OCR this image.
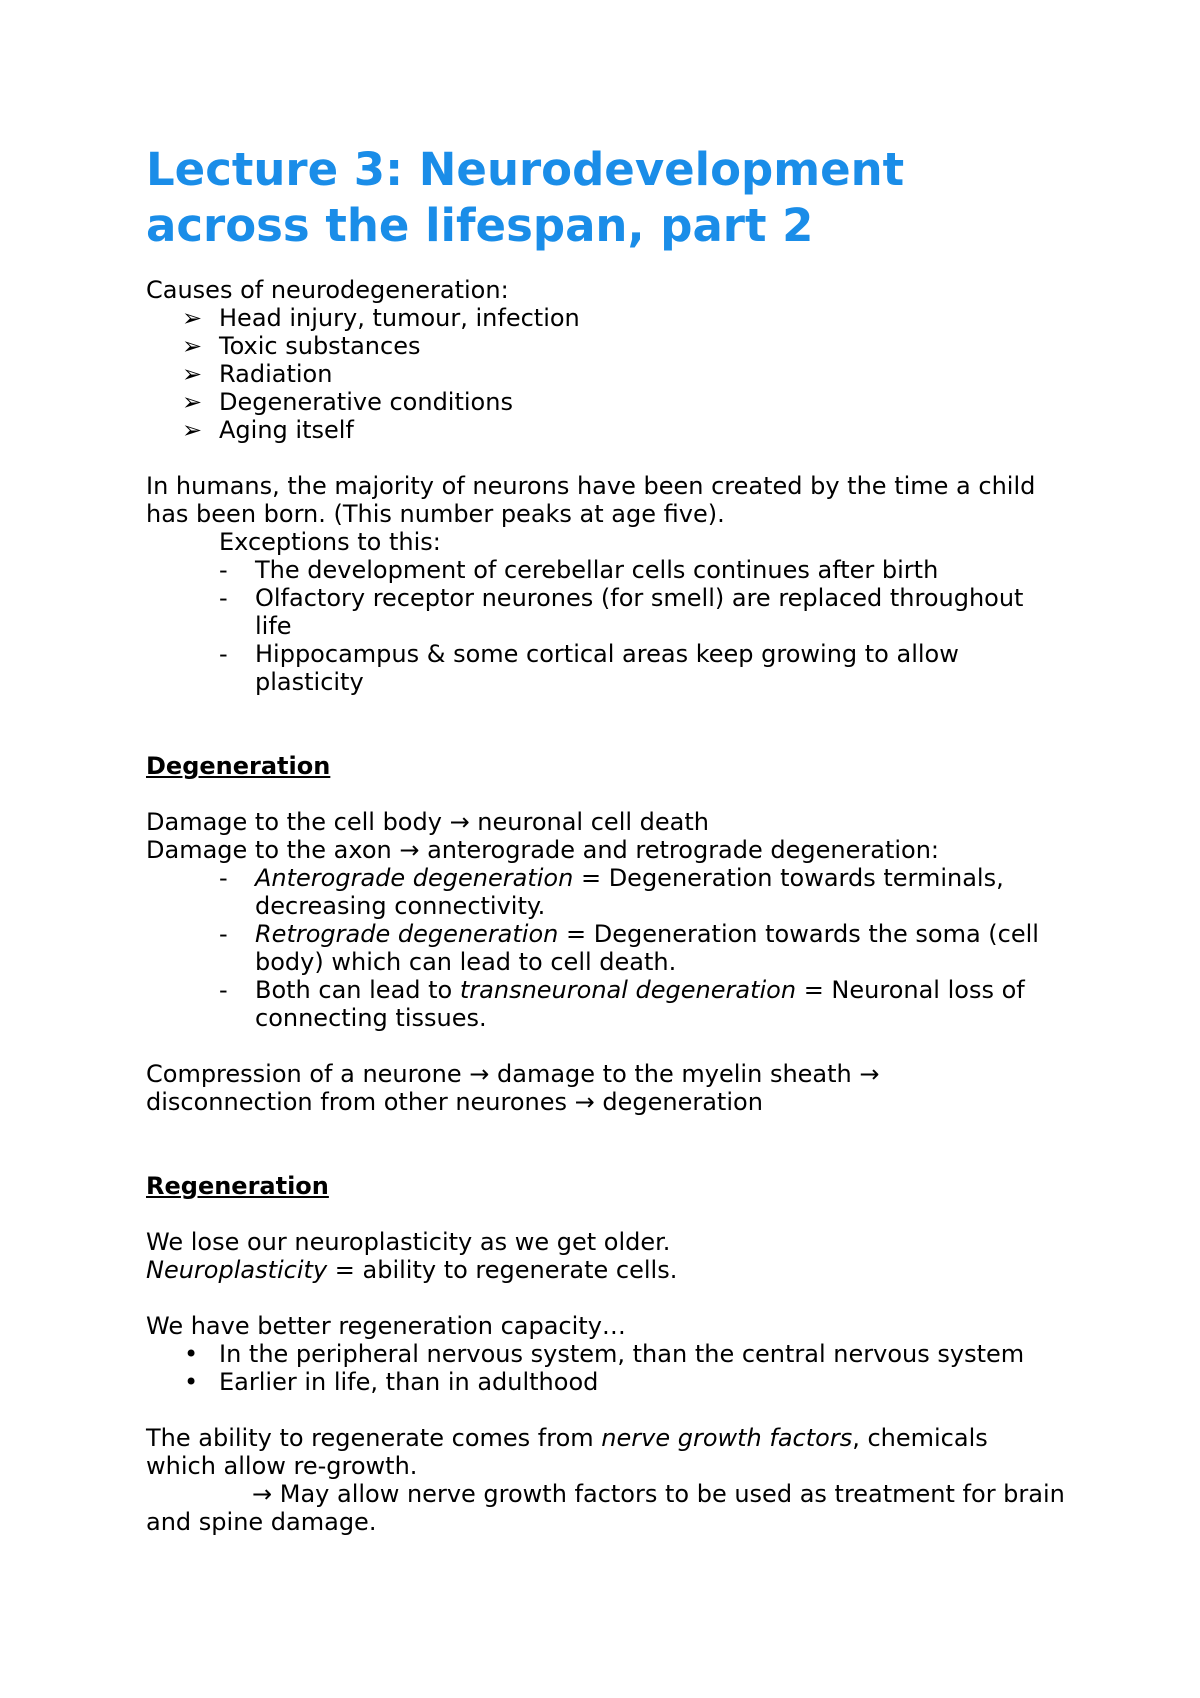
Lecture 3: Neurodevelopment
across the lifespan, part 2
Causes of neurodegeneration:
➢ Head injury, tumour, infection
➢ Toxic substances
➢ Radiation
➢ Degenerative conditions
➢ Aging itself
In humans, the majority of neurons have been created by the time a child
has been born. (This number peaks at age five).
Exceptions to this:
- The development of cerebellar cells continues after birth
- Olfactory receptor neurones (for smell) are replaced throughout
life
- Hippocampus & some cortical areas keep growing to allow
plasticity
Degeneration
Damage to the cell body → neuronal cell death
Damage to the axon → anterograde and retrograde degeneration:
- Anterograde degeneration = Degeneration towards terminals,
decreasing connectivity.
- Retrograde degeneration = Degeneration towards the soma (cell
body) which can lead to cell death.
- Both can lead to transneuronal degeneration = Neuronal loss of
connecting tissues.
Compression of a neurone → damage to the myelin sheath →
disconnection from other neurones → degeneration
Regeneration
We lose our neuroplasticity as we get older.
Neuroplasticity = ability to regenerate cells.
We have better regeneration capacity…
• In the peripheral nervous system, than the central nervous system
• Earlier in life, than in adulthood
The ability to regenerate comes from nerve growth factors, chemicals
which allow re-growth.
→ May allow nerve growth factors to be used as treatment for brain
and spine damage.
